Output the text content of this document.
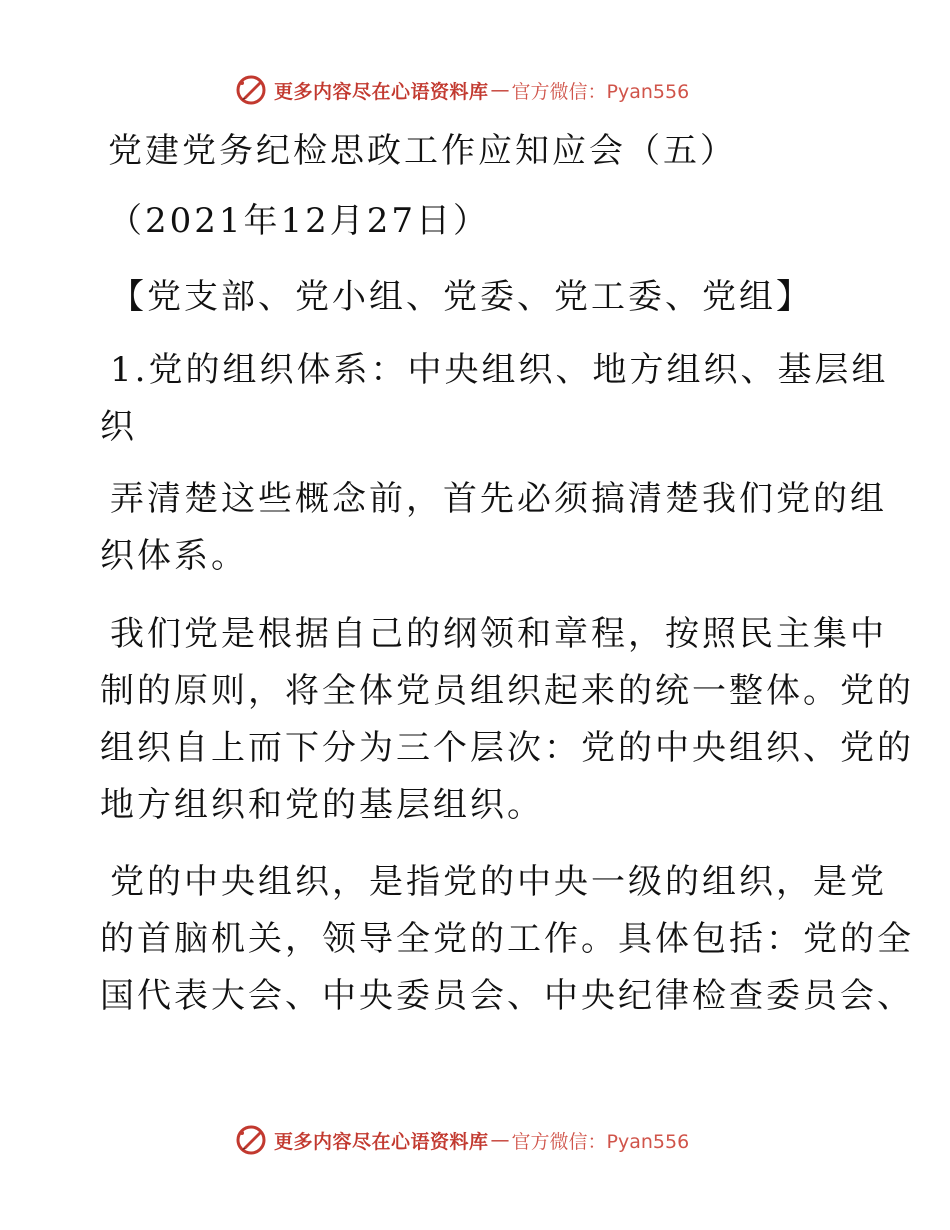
更多内容尽在心语资料库 — 官方微信：Pyan556
党建党务纪检思政工作应知应会（五）
（2021年12月27日）
【党支部、党小组、党委、党工委、党组】
1.党的组织体系：中央组织、地方组织、基层组
织
弄清楚这些概念前，首先必须搞清楚我们党的组
织体系。
我们党是根据自己的纲领和章程，按照民主集中
制的原则，将全体党员组织起来的统一整体。党的
组织自上而下分为三个层次：党的中央组织、党的
地方组织和党的基层组织。
党的中央组织，是指党的中央一级的组织，是党
的首脑机关，领导全党的工作。具体包括：党的全
国代表大会、中央委员会、中央纪律检查委员会、
更多内容尽在心语资料库 — 官方微信：Pyan556
